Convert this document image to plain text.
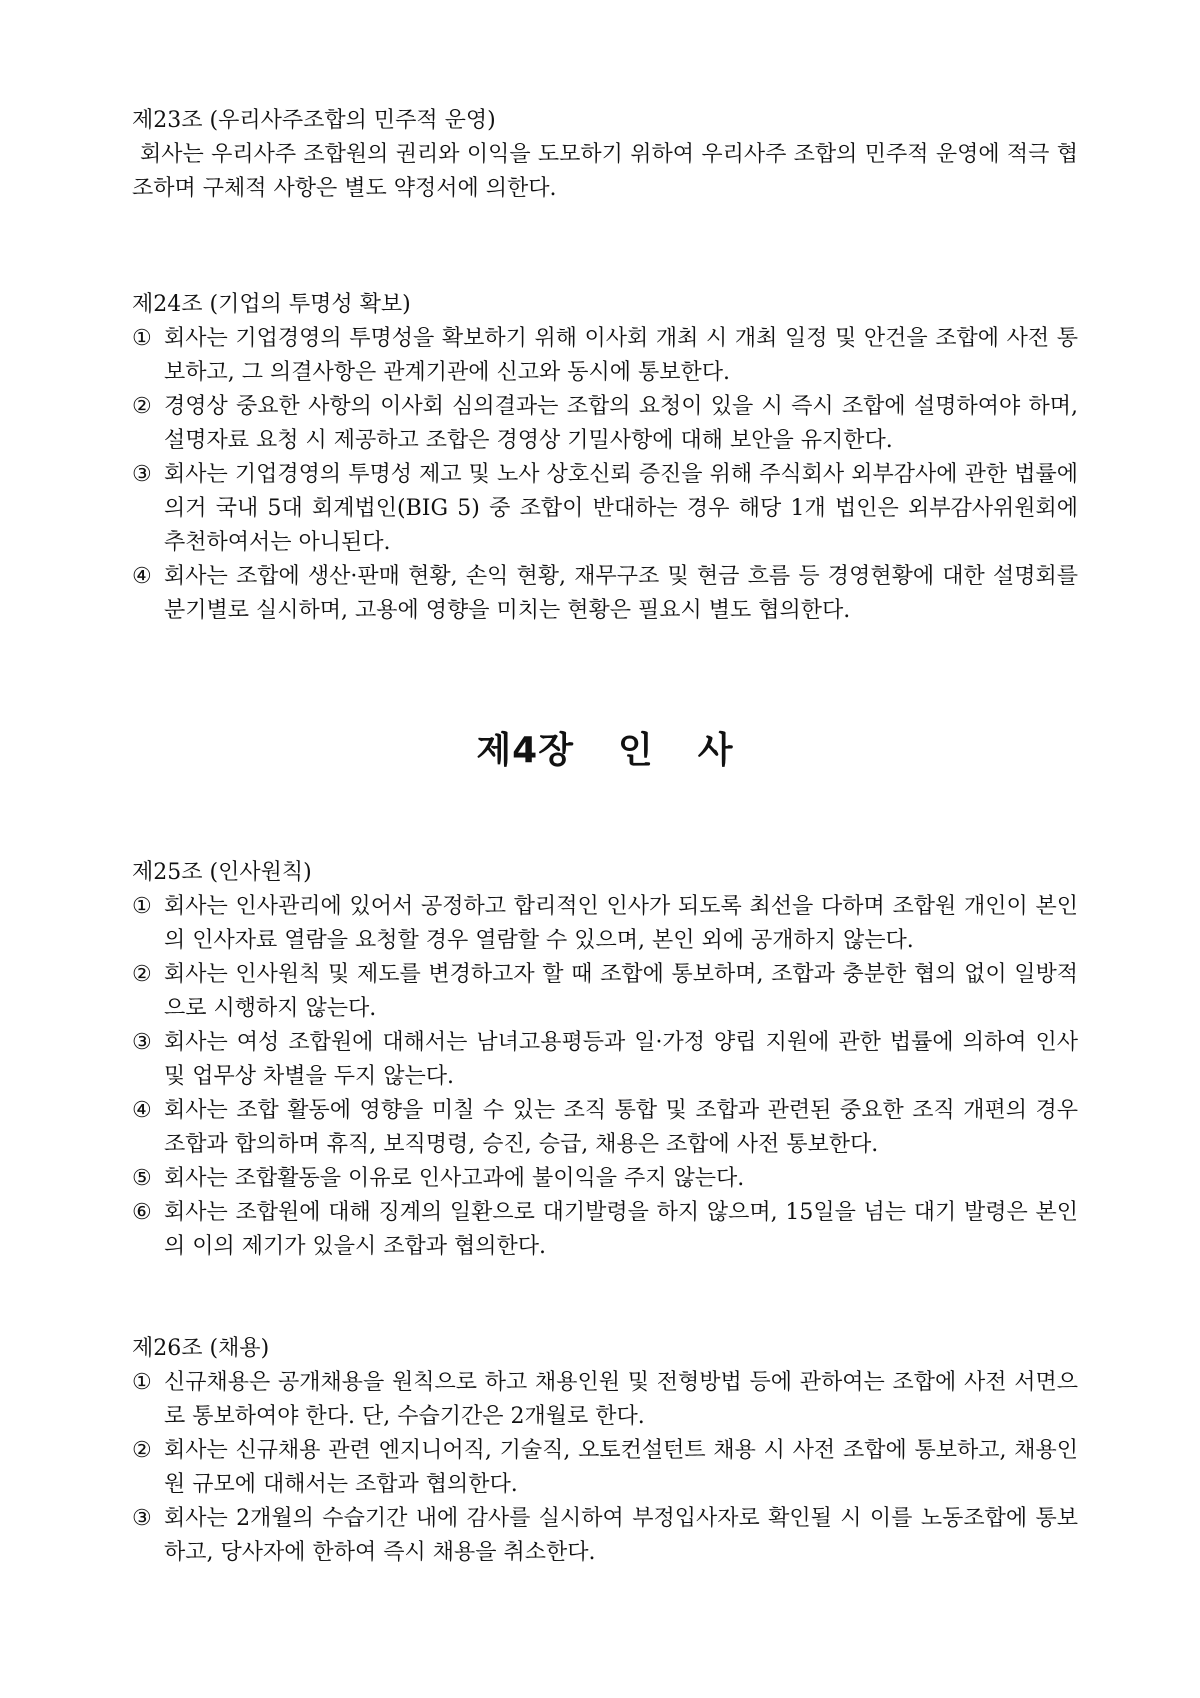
제23조 (우리사주조합의 민주적 운영)

회사는 우리사주 조합원의 권리와 이익을 도모하기 위하여 우리사주 조합의 민주적 운영에 적극 협조하며 구체적 사항은 별도 약정서에 의한다.

제24조 (기업의 투명성 확보)

① 회사는 기업경영의 투명성을 확보하기 위해 이사회 개최 시 개최 일정 및 안건을 조합에 사전 통보하고, 그 의결사항은 관계기관에 신고와 동시에 통보한다.
② 경영상 중요한 사항의 이사회 심의결과는 조합의 요청이 있을 시 즉시 조합에 설명하여야 하며, 설명자료 요청 시 제공하고 조합은 경영상 기밀사항에 대해 보안을 유지한다.
③ 회사는 기업경영의 투명성 제고 및 노사 상호신뢰 증진을 위해 주식회사 외부감사에 관한 법률에 의거 국내 5대 회계법인(BIG 5) 중 조합이 반대하는 경우 해당 1개 법인은 외부감사위원회에 추천하여서는 아니된다.
④ 회사는 조합에 생산·판매 현황, 손익 현황, 재무구조 및 현금 흐름 등 경영현황에 대한 설명회를 분기별로 실시하며, 고용에 영향을 미치는 현황은 필요시 별도 협의한다.
제4장 인 사

제25조 (인사원칙)

① 회사는 인사관리에 있어서 공정하고 합리적인 인사가 되도록 최선을 다하며 조합원 개인이 본인의 인사자료 열람을 요청할 경우 열람할 수 있으며, 본인 외에 공개하지 않는다.
② 회사는 인사원칙 및 제도를 변경하고자 할 때 조합에 통보하며, 조합과 충분한 협의 없이 일방적으로 시행하지 않는다.
③ 회사는 여성 조합원에 대해서는 남녀고용평등과 일·가정 양립 지원에 관한 법률에 의하여 인사 및 업무상 차별을 두지 않는다.
④ 회사는 조합 활동에 영향을 미칠 수 있는 조직 통합 및 조합과 관련된 중요한 조직 개편의 경우 조합과 합의하며 휴직, 보직명령, 승진, 승급, 채용은 조합에 사전 통보한다.
⑤ 회사는 조합활동을 이유로 인사고과에 불이익을 주지 않는다.
⑥ 회사는 조합원에 대해 징계의 일환으로 대기발령을 하지 않으며, 15일을 넘는 대기 발령은 본인의 이의 제기가 있을시 조합과 협의한다.

제26조 (채용)

① 신규채용은 공개채용을 원칙으로 하고 채용인원 및 전형방법 등에 관하여는 조합에 사전 서면으로 통보하여야 한다. 단, 수습기간은 2개월로 한다.
② 회사는 신규채용 관련 엔지니어직, 기술직, 오토컨설턴트 채용 시 사전 조합에 통보하고, 채용인원 규모에 대해서는 조합과 협의한다.
③ 회사는 2개월의 수습기간 내에 감사를 실시하여 부정입사자로 확인될 시 이를 노동조합에 통보하고, 당사자에 한하여 즉시 채용을 취소한다.
